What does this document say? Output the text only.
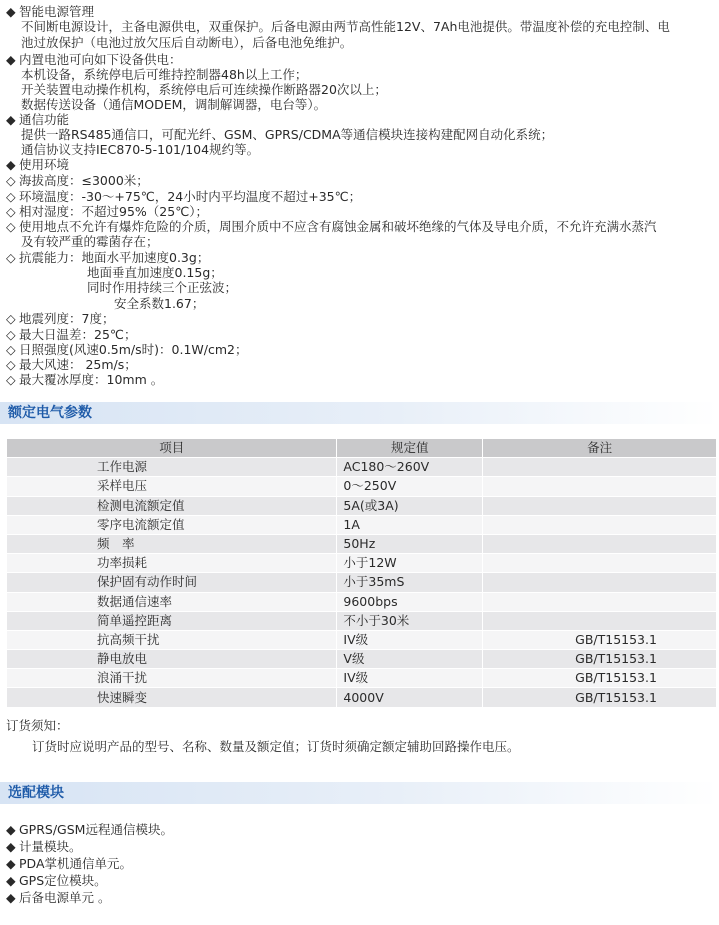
◆ 智能电源管理
不间断电源设计，主备电源供电，双重保护。后备电源由两节高性能12V、7Ah电池提供。带温度补偿的充电控制、电
池过放保护（电池过放欠压后自动断电），后备电池免维护。
◆ 内置电池可向如下设备供电：
本机设备，系统停电后可维持控制器48h以上工作；
开关装置电动操作机构，系统停电后可连续操作断路器20次以上；
数据传送设备（通信MODEM，调制解调器，电台等）。
◆ 通信功能
提供一路RS485通信口，可配光纤、GSM、GPRS/CDMA等通信模块连接构建配网自动化系统；
通信协议支持IEC870-5-101/104规约等。
◆ 使用环境
◇ 海拔高度：≤3000米；
◇ 环境温度：-30〜+75℃，24小时内平均温度不超过+35℃；
◇ 相对湿度：不超过95%（25℃）；
◇ 使用地点不允许有爆炸危险的介质，周围介质中不应含有腐蚀金属和破坏绝缘的气体及导电介质，不允许充满水蒸汽
及有较严重的霉菌存在；
◇ 抗震能力：地面水平加速度0.3g；
地面垂直加速度0.15g；
同时作用持续三个正弦波；
安全系数1.67；
◇ 地震列度：7度；
◇ 最大日温差：25℃；
◇ 日照强度(风速0.5m/s时)：0.1W/cm2；
◇ 最大风速： 25m/s；
◇ 最大覆冰厚度：10mm 。
额定电气参数
项目	规定值	备注
工作电源	AC180～260V	
采样电压	0～250V	
检测电流额定值	5A(或3A)	
零序电流额定值	1A	
频　率	50Hz	
功率损耗	小于12W	
保护固有动作时间	小于35mS	
数据通信速率	9600bps	
简单遥控距离	不小于30米	
抗高频干扰	IV级	GB/T15153.1
静电放电	V级	GB/T15153.1
浪涌干扰	IV级	GB/T15153.1
快速瞬变	4000V	GB/T15153.1
订货须知：
订货时应说明产品的型号、名称、数量及额定值；订货时须确定额定辅助回路操作电压。
选配模块
◆ GPRS/GSM远程通信模块。
◆ 计量模块。
◆ PDA掌机通信单元。
◆ GPS定位模块。
◆ 后备电源单元 。
